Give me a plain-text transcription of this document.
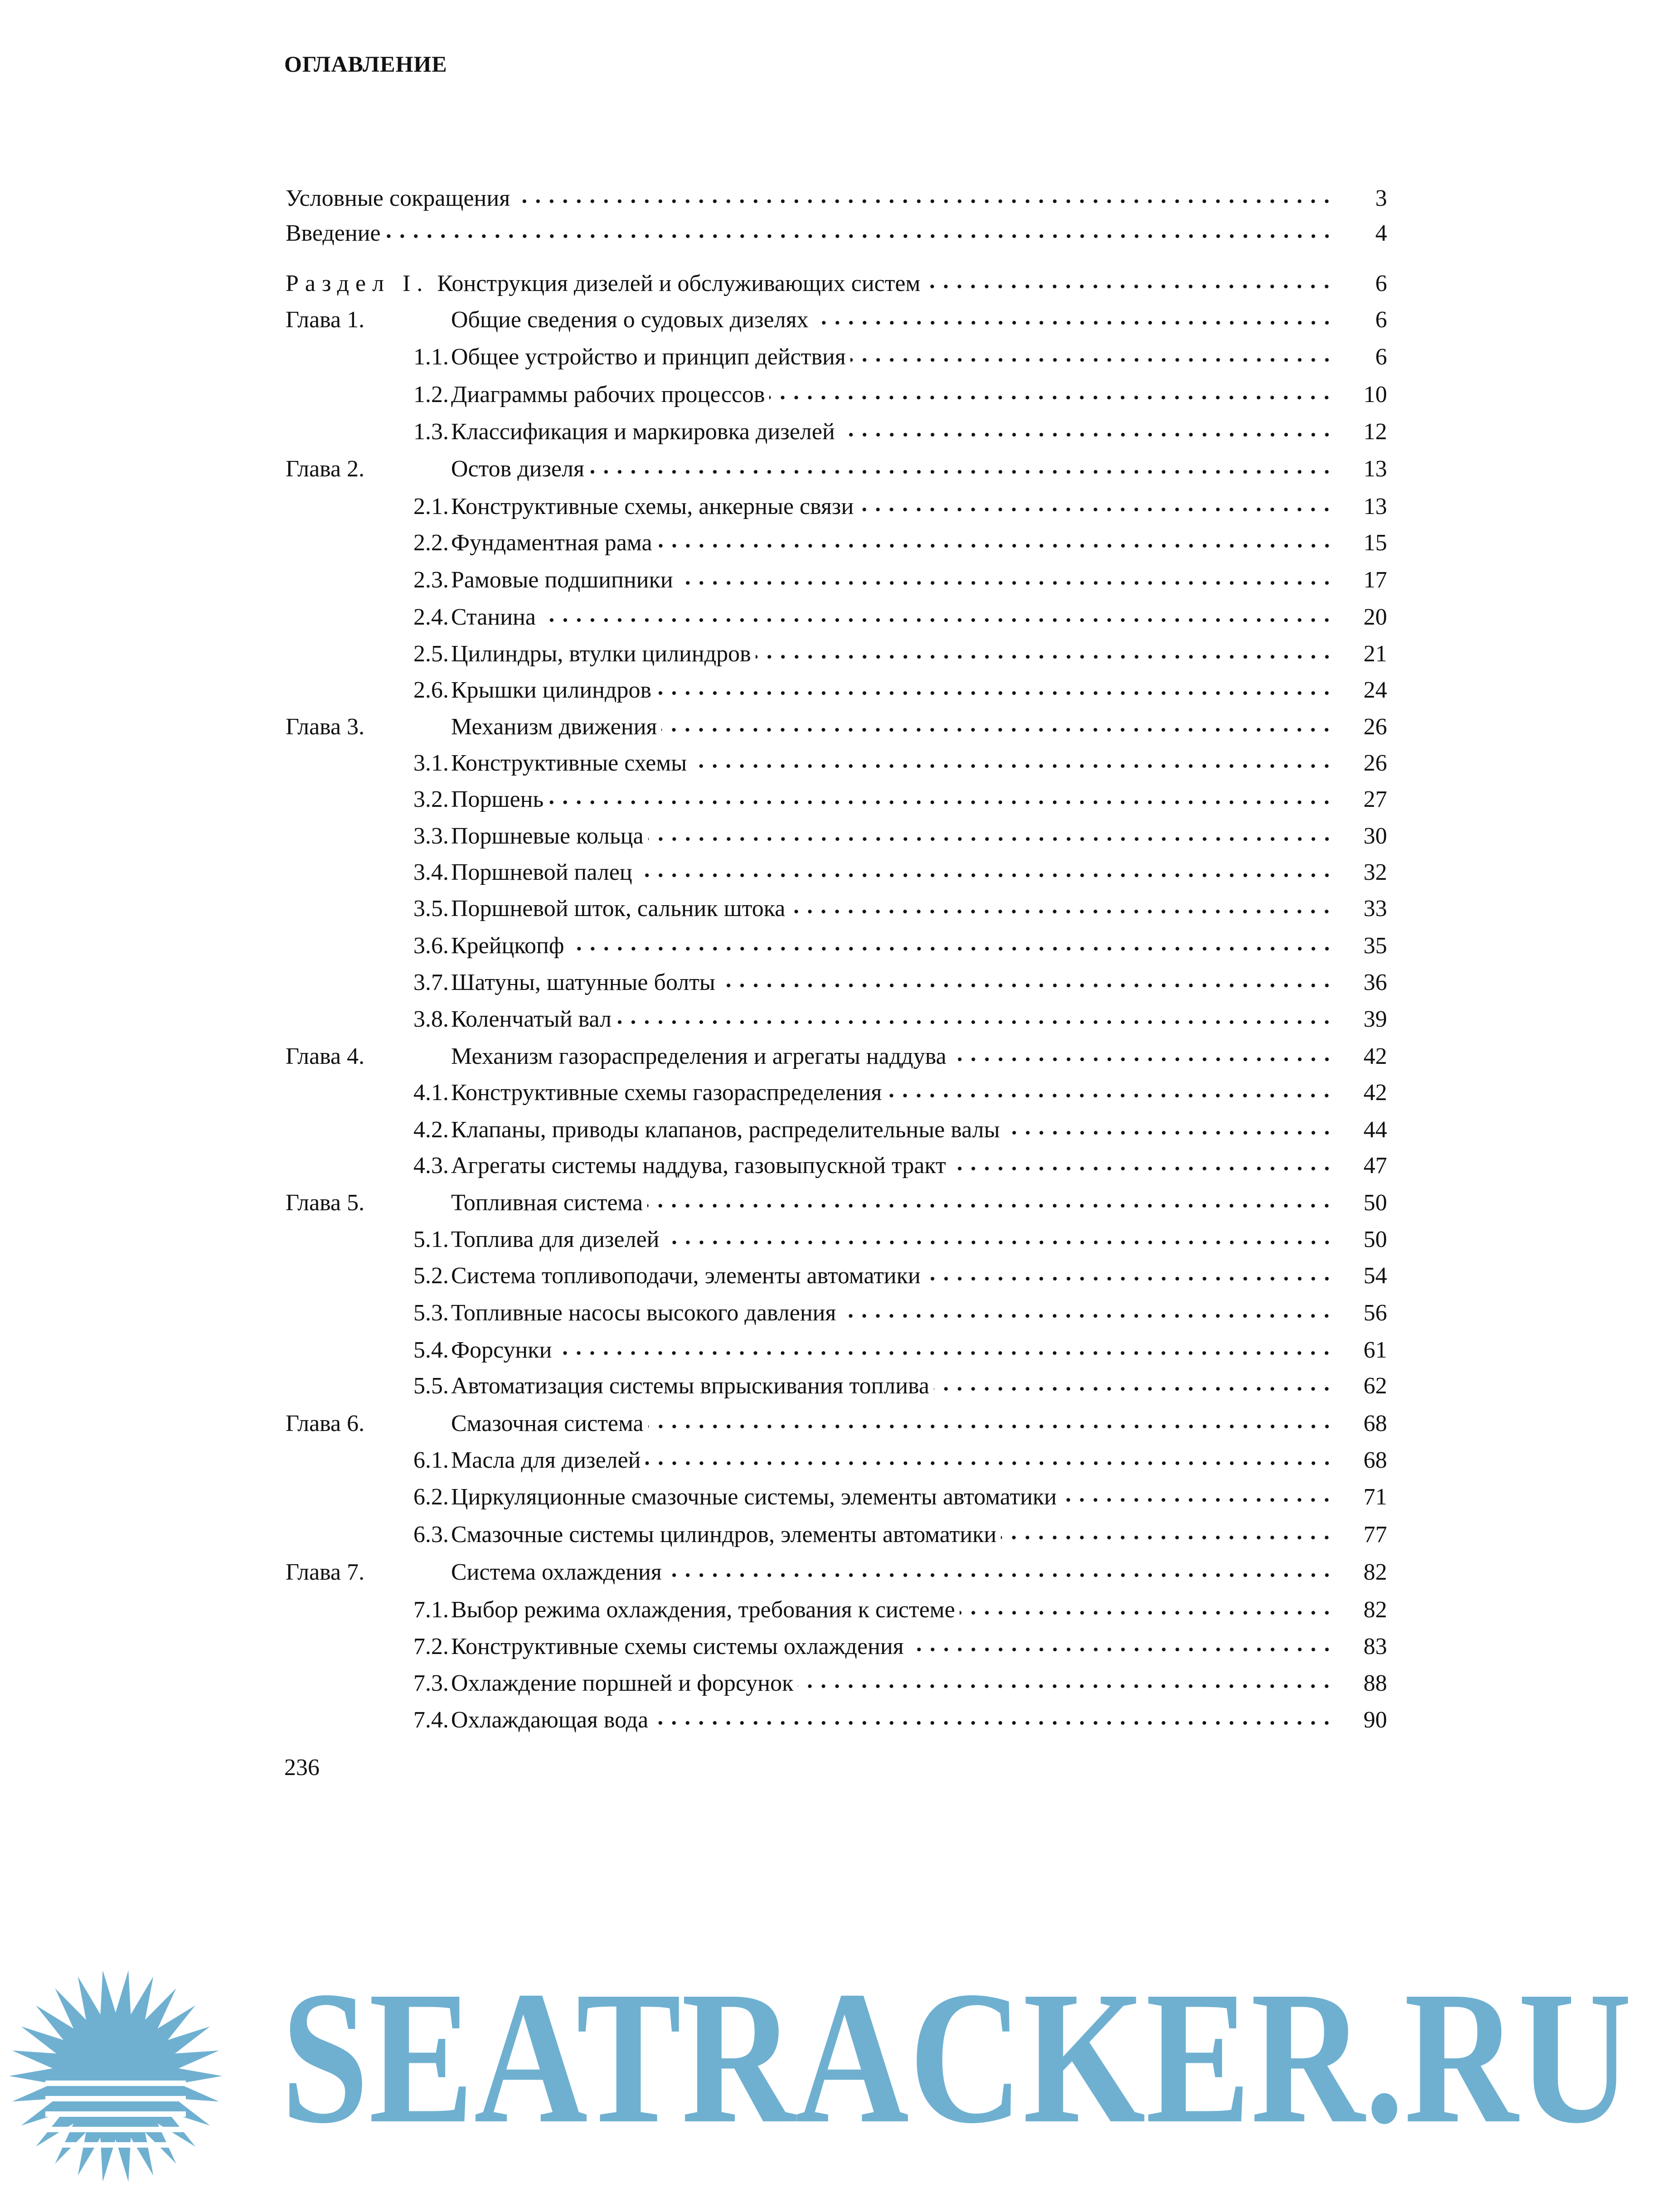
ОГЛАВЛЕНИЕ
Условные сокращения	3
Введение	4
Раздел I. Конструкция дизелей и обслуживающих систем	6
Глава 1.	Общие сведения о судовых дизелях	6
1.1. Общее устройство и принцип действия	6
1.2. Диаграммы рабочих процессов	10
1.3. Классификация и маркировка дизелей	12
Глава 2.	Остов дизеля	13
2.1. Конструктивные схемы, анкерные связи	13
2.2. Фундаментная рама	15
2.3. Рамовые подшипники	17
2.4. Станина	20
2.5. Цилиндры, втулки цилиндров	21
2.6. Крышки цилиндров	24
Глава 3.	Механизм движения	26
3.1. Конструктивные схемы	26
3.2. Поршень	27
3.3. Поршневые кольца	30
3.4. Поршневой палец	32
3.5. Поршневой шток, сальник штока	33
3.6. Крейцкопф	35
3.7. Шатуны, шатунные болты	36
3.8. Коленчатый вал	39
Глава 4.	Механизм газораспределения и агрегаты наддува	42
4.1. Конструктивные схемы газораспределения	42
4.2. Клапаны, приводы клапанов, распределительные валы	44
4.3. Агрегаты системы наддува, газовыпускной тракт	47
Глава 5.	Топливная система	50
5.1. Топлива для дизелей	50
5.2. Система топливоподачи, элементы автоматики	54
5.3. Топливные насосы высокого давления	56
5.4. Форсунки	61
5.5. Автоматизация системы впрыскивания топлива	62
Глава 6.	Смазочная система	68
6.1. Масла для дизелей	68
6.2. Циркуляционные смазочные системы, элементы автоматики	71
6.3. Смазочные системы цилиндров, элементы автоматики	77
Глава 7.	Система охлаждения	82
7.1. Выбор режима охлаждения, требования к системе	82
7.2. Конструктивные схемы системы охлаждения	83
7.3. Охлаждение поршней и форсунок	88
7.4. Охлаждающая вода	90
236
SEATRACKER.RU
